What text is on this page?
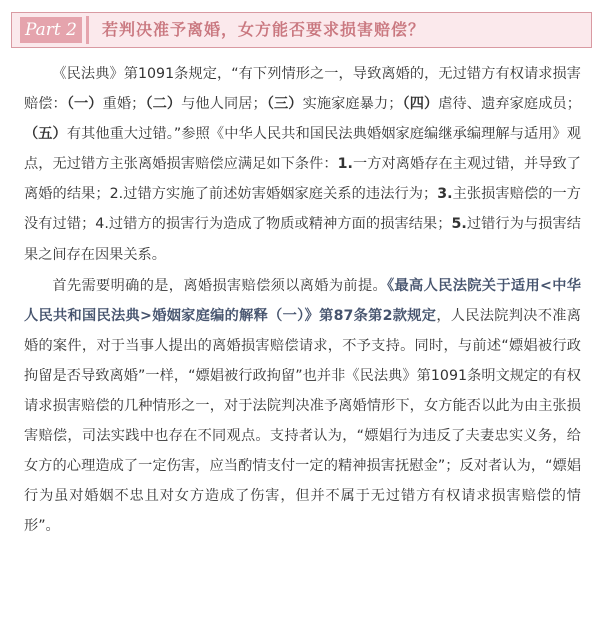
Part 2	若判决准予离婚，女方能否要求损害赔偿？

《民法典》第1091条规定，“有下列情形之一，导致离婚的，无过错方有权请求损害赔偿：（一）重婚；（二）与他人同居；（三）实施家庭暴力；（四）虐待、遗弃家庭成员；（五）有其他重大过错。”参照《中华人民共和国民法典婚姻家庭编继承编理解与适用》观点，无过错方主张离婚损害赔偿应满足如下条件：1.一方对离婚存在主观过错，并导致了离婚的结果；2.过错方实施了前述妨害婚姻家庭关系的违法行为；3.主张损害赔偿的一方没有过错；4.过错方的损害行为造成了物质或精神方面的损害结果；5.过错行为与损害结果之间存在因果关系。

首先需要明确的是，离婚损害赔偿须以离婚为前提。《最高人民法院关于适用<中华人民共和国民法典>婚姻家庭编的解释（一）》第87条第2款规定，人民法院判决不准离婚的案件，对于当事人提出的离婚损害赔偿请求，不予支持。同时，与前述“嫖娼被行政拘留是否导致离婚”一样，“嫖娼被行政拘留”也并非《民法典》第1091条明文规定的有权请求损害赔偿的几种情形之一，对于法院判决准予离婚情形下，女方能否以此为由主张损害赔偿，司法实践中也存在不同观点。支持者认为，“嫖娼行为违反了夫妻忠实义务，给女方的心理造成了一定伤害，应当酌情支付一定的精神损害抚慰金”；反对者认为，“嫖娼行为虽对婚姻不忠且对女方造成了伤害，但并不属于无过错方有权请求损害赔偿的情形”。
